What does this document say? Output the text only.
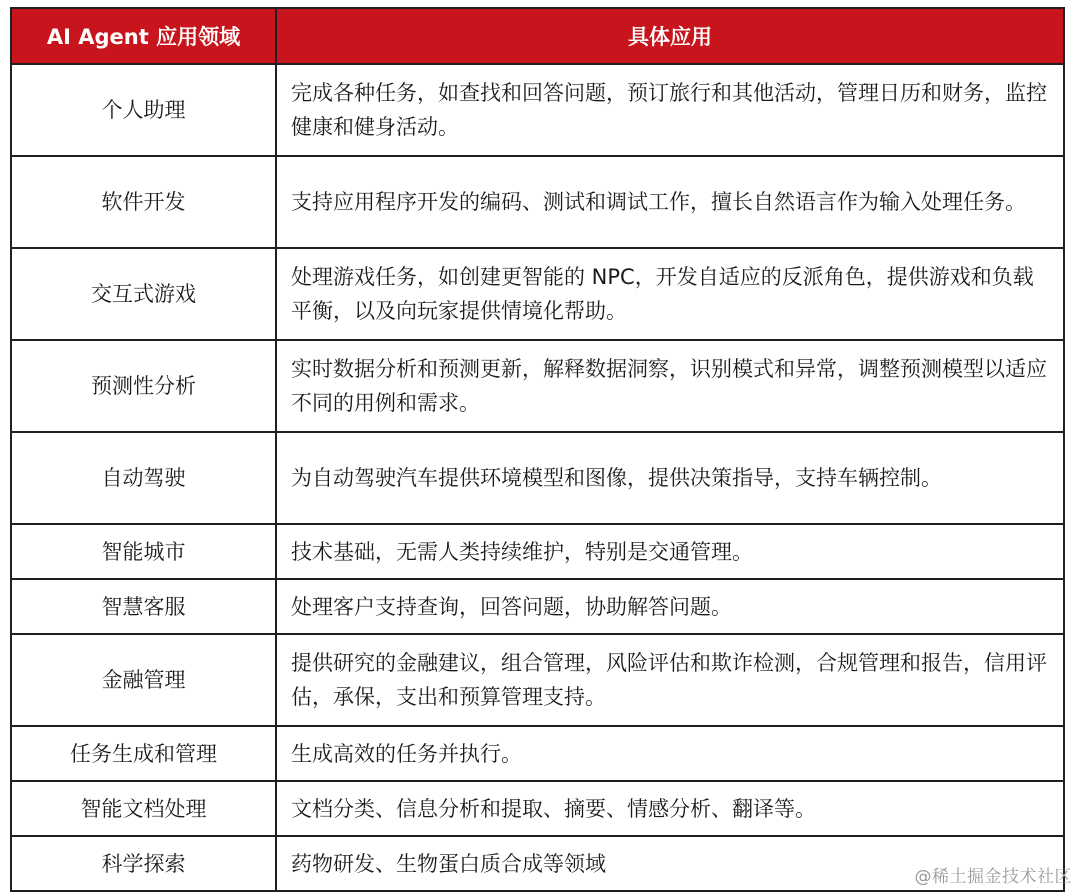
AI Agent 应用领域	具体应用
个人助理	完成各种任务，如查找和回答问题，预订旅行和其他活动，管理日历和财务，监控健康和健身活动。
软件开发	支持应用程序开发的编码、测试和调试工作，擅长自然语言作为输入处理任务。
交互式游戏	处理游戏任务，如创建更智能的 NPC，开发自适应的反派角色，提供游戏和负载平衡，以及向玩家提供情境化帮助。
预测性分析	实时数据分析和预测更新，解释数据洞察，识别模式和异常，调整预测模型以适应不同的用例和需求。
自动驾驶	为自动驾驶汽车提供环境模型和图像，提供决策指导，支持车辆控制。
智能城市	技术基础，无需人类持续维护，特别是交通管理。
智慧客服	处理客户支持查询，回答问题，协助解答问题。
金融管理	提供研究的金融建议，组合管理，风险评估和欺诈检测，合规管理和报告，信用评估，承保，支出和预算管理支持。
任务生成和管理	生成高效的任务并执行。
智能文档处理	文档分类、信息分析和提取、摘要、情感分析、翻译等。
科学探索	药物研发、生物蛋白质合成等领域
@稀土掘金技术社区
